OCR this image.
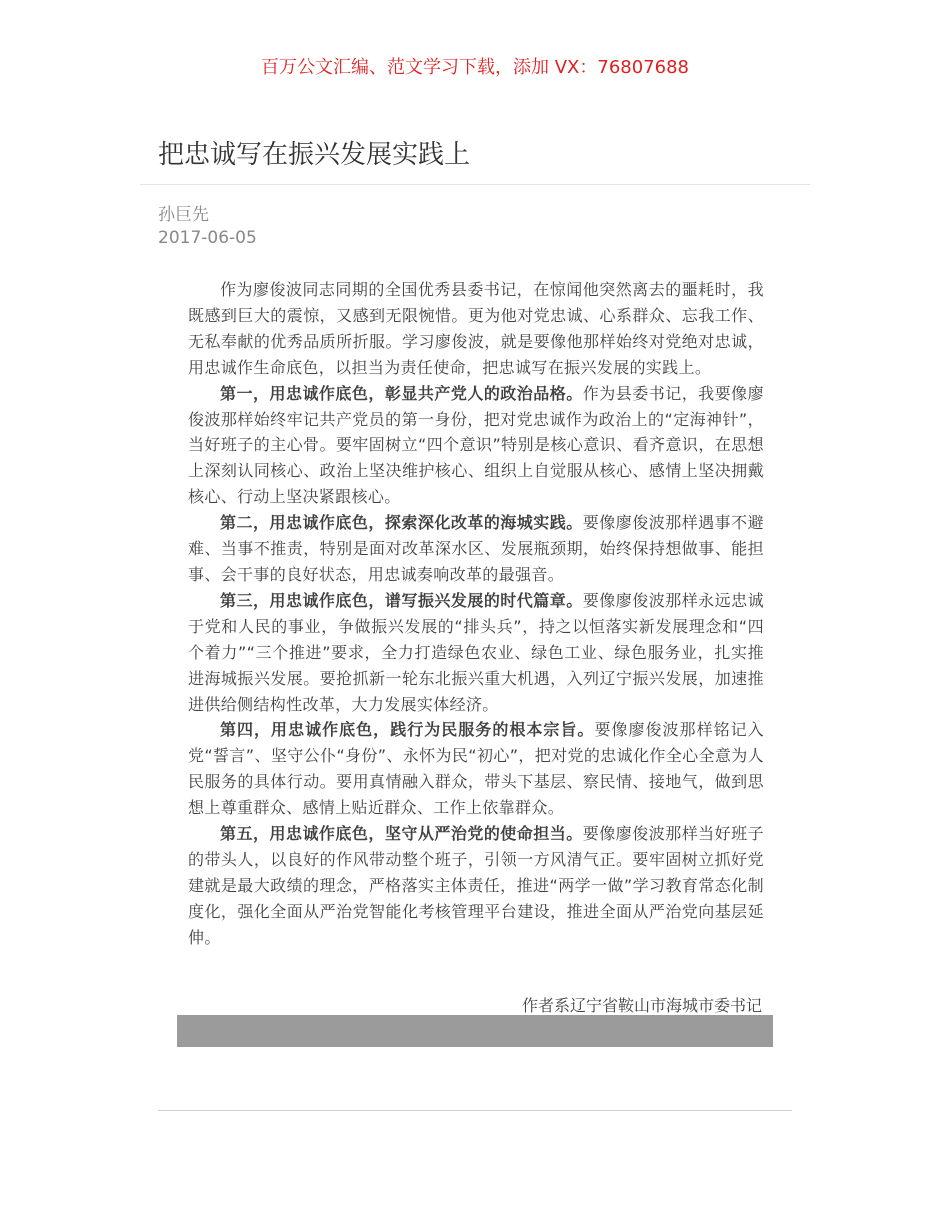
百万公文汇编、范文学习下载，添加 VX：76807688
把忠诚写在振兴发展实践上
孙巨先
2017-06-05

作为廖俊波同志同期的全国优秀县委书记，在惊闻他突然离去的噩耗时，我既感到巨大的震惊，又感到无限惋惜。更为他对党忠诚、心系群众、忘我工作、无私奉献的优秀品质所折服。学习廖俊波，就是要像他那样始终对党绝对忠诚，用忠诚作生命底色，以担当为责任使命，把忠诚写在振兴发展的实践上。

第一，用忠诚作底色，彰显共产党人的政治品格。作为县委书记，我要像廖俊波那样始终牢记共产党员的第一身份，把对党忠诚作为政治上的“定海神针”，当好班子的主心骨。要牢固树立“四个意识”特别是核心意识、看齐意识，在思想上深刻认同核心、政治上坚决维护核心、组织上自觉服从核心、感情上坚决拥戴核心、行动上坚决紧跟核心。

第二，用忠诚作底色，探索深化改革的海城实践。要像廖俊波那样遇事不避难、当事不推责，特别是面对改革深水区、发展瓶颈期，始终保持想做事、能担事、会干事的良好状态，用忠诚奏响改革的最强音。

第三，用忠诚作底色，谱写振兴发展的时代篇章。要像廖俊波那样永远忠诚于党和人民的事业，争做振兴发展的“排头兵”，持之以恒落实新发展理念和“四个着力”“三个推进”要求，全力打造绿色农业、绿色工业、绿色服务业，扎实推进海城振兴发展。要抢抓新一轮东北振兴重大机遇，入列辽宁振兴发展，加速推进供给侧结构性改革，大力发展实体经济。

第四，用忠诚作底色，践行为民服务的根本宗旨。要像廖俊波那样铭记入党“誓言”、坚守公仆“身份”、永怀为民“初心”，把对党的忠诚化作全心全意为人民服务的具体行动。要用真情融入群众，带头下基层、察民情、接地气，做到思想上尊重群众、感情上贴近群众、工作上依靠群众。

第五，用忠诚作底色，坚守从严治党的使命担当。要像廖俊波那样当好班子的带头人，以良好的作风带动整个班子，引领一方风清气正。要牢固树立抓好党建就是最大政绩的理念，严格落实主体责任，推进“两学一做”学习教育常态化制度化，强化全面从严治党智能化考核管理平台建设，推进全面从严治党向基层延伸。

作者系辽宁省鞍山市海城市委书记
